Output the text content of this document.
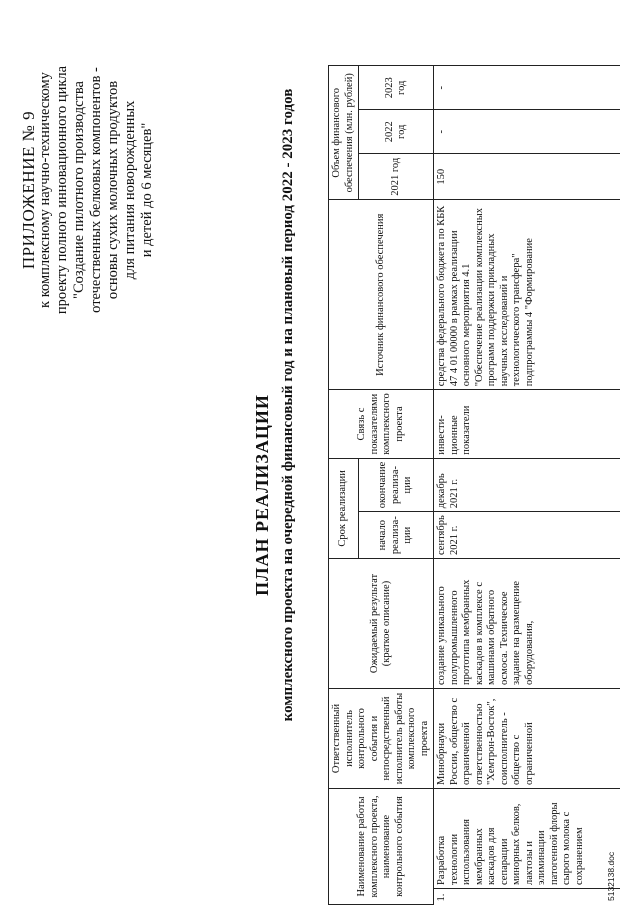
ПРИЛОЖЕНИЕ № 9 к комплексному научно-техническому проекту полного инновационного цикла "Создание пилотного производства отечественных белковых компонентов - основы сухих молочных продуктов для питания новорожденных и детей до 6 месяцев"
ПЛАН РЕАЛИЗАЦИИ комплексного проекта на очередной финансовый год и на плановый период 2022 - 2023 годов

Наименование работы комплексного проекта, наименование контрольного события		Ответственный исполнитель контрольного события и непосредственный исполнитель работы комплексного проекта	Ожидаемый результат (краткое описание)	Срок реализации		Связь с показателями комплексного проекта	Источник финансового обеспечения	Объем финансового обеспечения (млн. рублей)		
				начало реализа-ции	окончание реализа-ции			2021 год	2022 год	2023 год

1.	Разработка технологии использования мембранных каскадов для сепарации минорных белков, лактозы и элиминации патогенной флоры сырого молока с сохранением	Минобрнауки России, общество с ограниченной ответственностью "Хемтрон-Восток", соисполнитель - общество с ограниченной	создание уникального полупромышленного прототипа мембранных каскадов в комплексе с машинами обратного осмоса. Техническое задание на размещение оборудования,	сентябрь 2021 г.	декабрь 2021 г.	инвести-ционные показатели	средства федерального бюджета по КБК 47 4 01 00000 в рамках реализации основного мероприятия 4.1 "Обеспечение реализации комплексных программ поддержки прикладных научных исследований и технологического трансфера" подпрограммы 4 "Формирование	150	-	-
5132138.doc
